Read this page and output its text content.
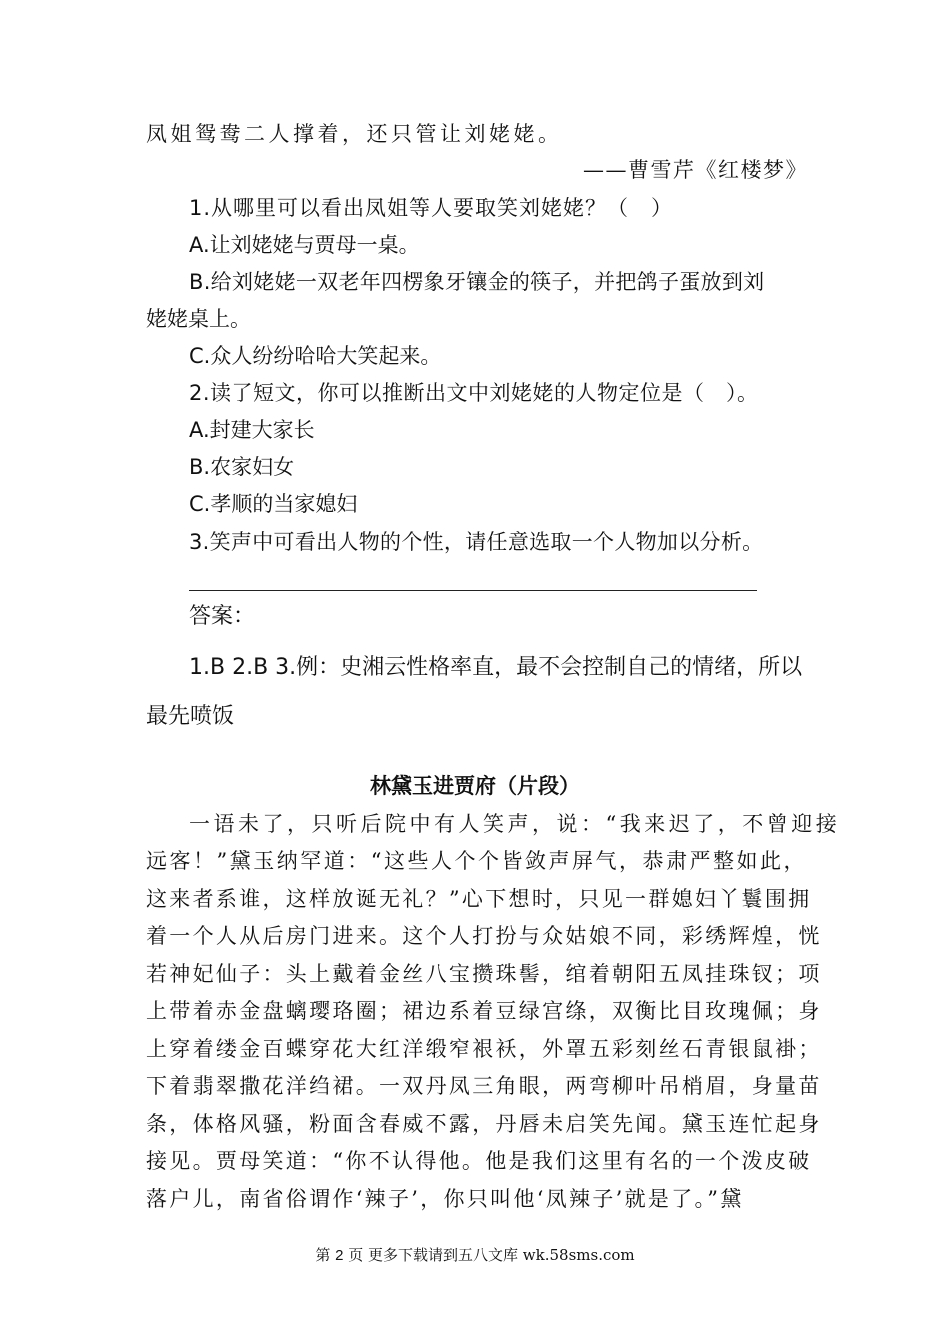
凤姐鸳鸯二人撑着，还只管让刘姥姥。
——曹雪芹《红楼梦》
1.从哪里可以看出凤姐等人要取笑刘姥姥？（　）
A.让刘姥姥与贾母一桌。
B.给刘姥姥一双老年四楞象牙镶金的筷子，并把鸽子蛋放到刘
姥姥桌上。
C.众人纷纷哈哈大笑起来。
2.读了短文，你可以推断出文中刘姥姥的人物定位是（　）。
A.封建大家长
B.农家妇女
C.孝顺的当家媳妇
3.笑声中可看出人物的个性，请任意选取一个人物加以分析。
答案：
1.B 2.B 3.例：史湘云性格率直，最不会控制自己的情绪，所以
最先喷饭
林黛玉进贾府（片段）
一语未了，只听后院中有人笑声，说：“我来迟了，不曾迎接
远客！”黛玉纳罕道：“这些人个个皆敛声屏气，恭肃严整如此，
这来者系谁，这样放诞无礼？”心下想时，只见一群媳妇丫鬟围拥
着一个人从后房门进来。这个人打扮与众姑娘不同，彩绣辉煌，恍
若神妃仙子：头上戴着金丝八宝攒珠髻，绾着朝阳五凤挂珠钗；项
上带着赤金盘螭璎珞圈；裙边系着豆绿宫绦，双衡比目玫瑰佩；身
上穿着缕金百蝶穿花大红洋缎窄裉袄，外罩五彩刻丝石青银鼠褂；
下着翡翠撒花洋绉裙。一双丹凤三角眼，两弯柳叶吊梢眉，身量苗
条，体格风骚，粉面含春威不露，丹唇未启笑先闻。黛玉连忙起身
接见。贾母笑道：“你不认得他。他是我们这里有名的一个泼皮破
落户儿，南省俗谓作‘辣子’，你只叫他‘凤辣子’就是了。”黛
第 2 页 更多下载请到五八文库 wk.58sms.com
